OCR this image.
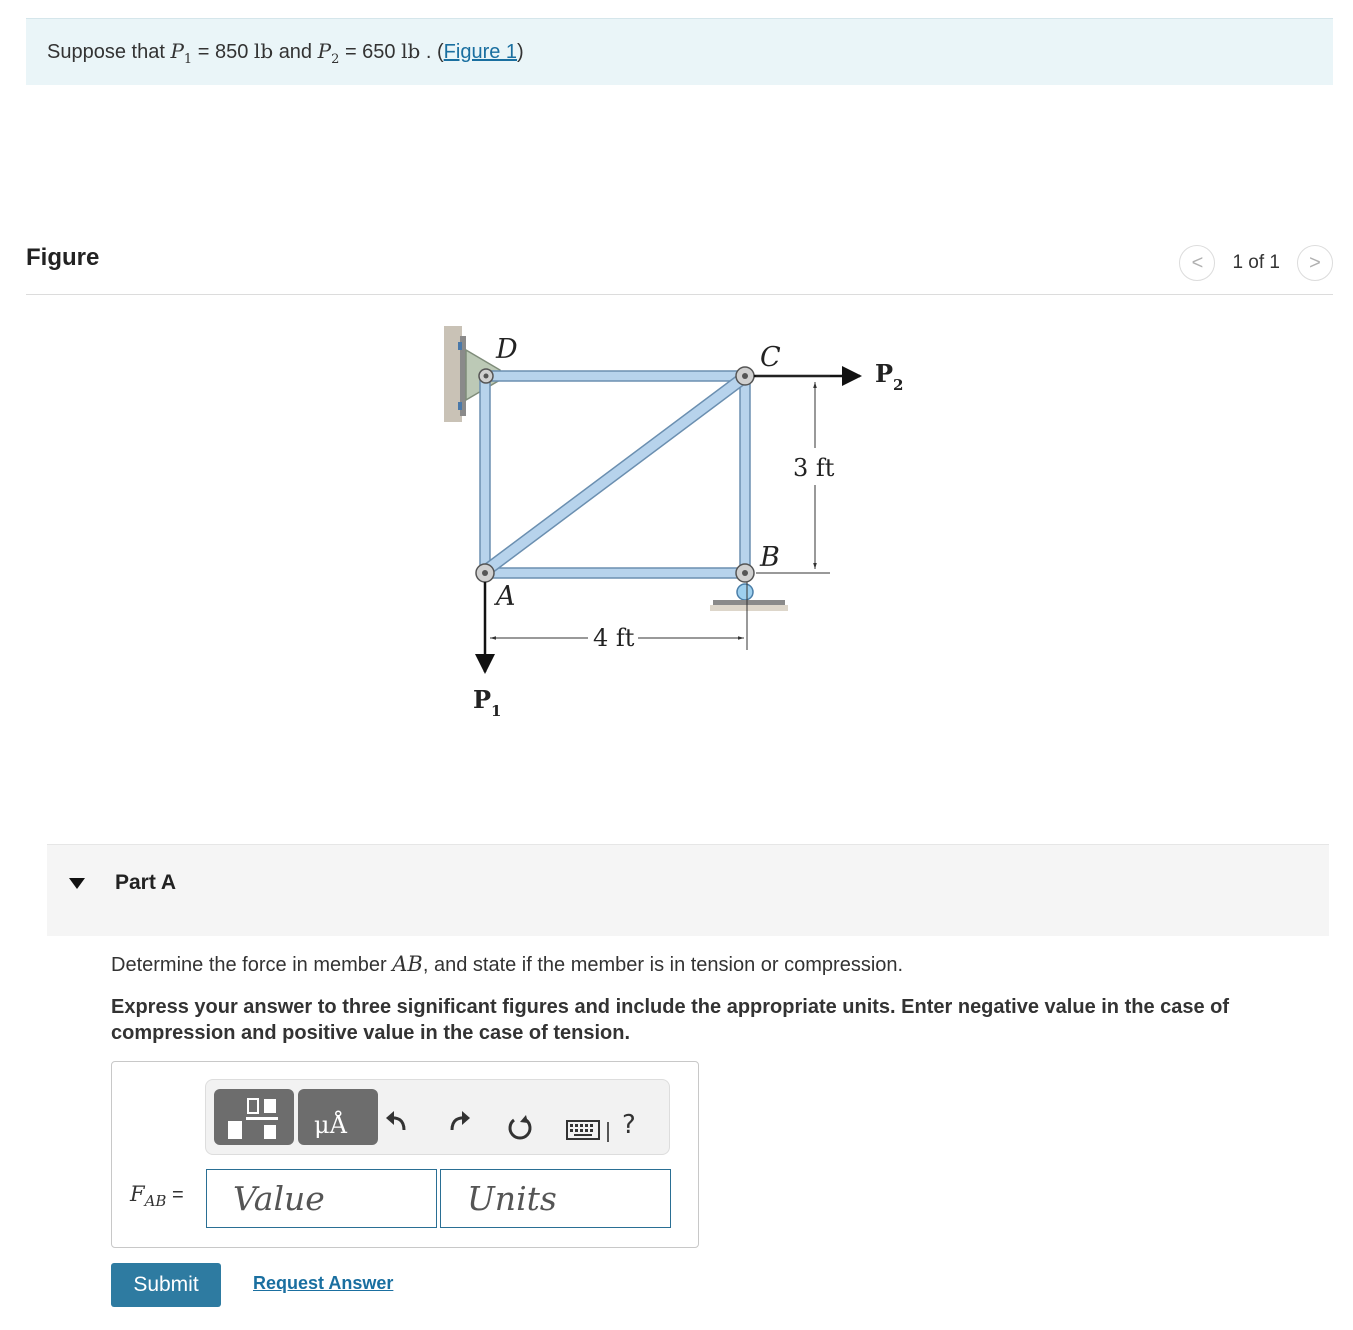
Suppose that $P_1 = 850$ lb and $P_2 = 650$ lb . (Figure 1)
Figure	< 1 of 1 >
D	C
B
A
$P_2$
$P_1$
3 ft
4 ft
Part A
Determine the force in member AB, and state if the member is in tension or compression.
Express your answer to three significant figures and include the appropriate units. Enter negative value in the case of compression and positive value in the case of tension.
μÅ	?
$F_{AB}$ =	Value	Units
Submit	Request Answer
